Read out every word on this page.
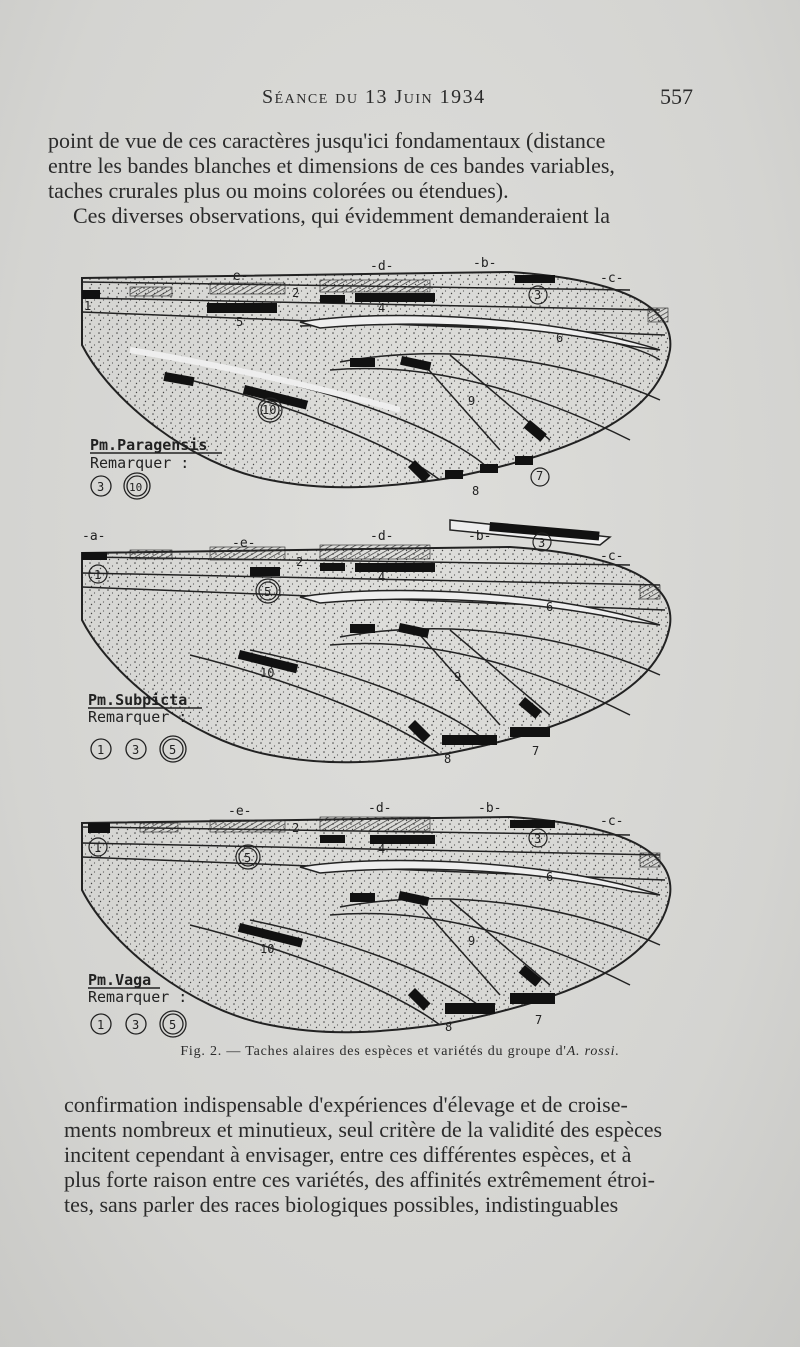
Séance du 13 Juin 1934	557

point de vue de ces caractères jusqu'ici fondamentaux (distance

entre les bandes blanches et dimensions de ces bandes variables,

taches crurales plus ou moins colorées ou étendues).

Ces diverses observations, qui évidemment demanderaient la

-e-
-d-	-b-
-c-
1
2	3
4
5
6
7
8
9
10
Pm.Paragensis
Remarquer :
3 10
-a-	-e-	-d-	-b-
-c-
1
2
3
4
5
6
7
8
9
10
Pm.Subpicta
Remarquer :
1 3 5
-e-	-d-	-b-
-c-
1
2
3
4
5
6
7
8
9
10
Pm.Vaga
Remarquer :
1 3 5
Fig. 2. — Taches alaires des espèces et variétés du groupe d'A. rossi.

confirmation indispensable d'expériences d'élevage et de croise-

ments nombreux et minutieux, seul critère de la validité des espèces

incitent cependant à envisager, entre ces différentes espèces, et à

plus forte raison entre ces variétés, des affinités extrêmement étroi-

tes, sans parler des races biologiques possibles, indistinguables
